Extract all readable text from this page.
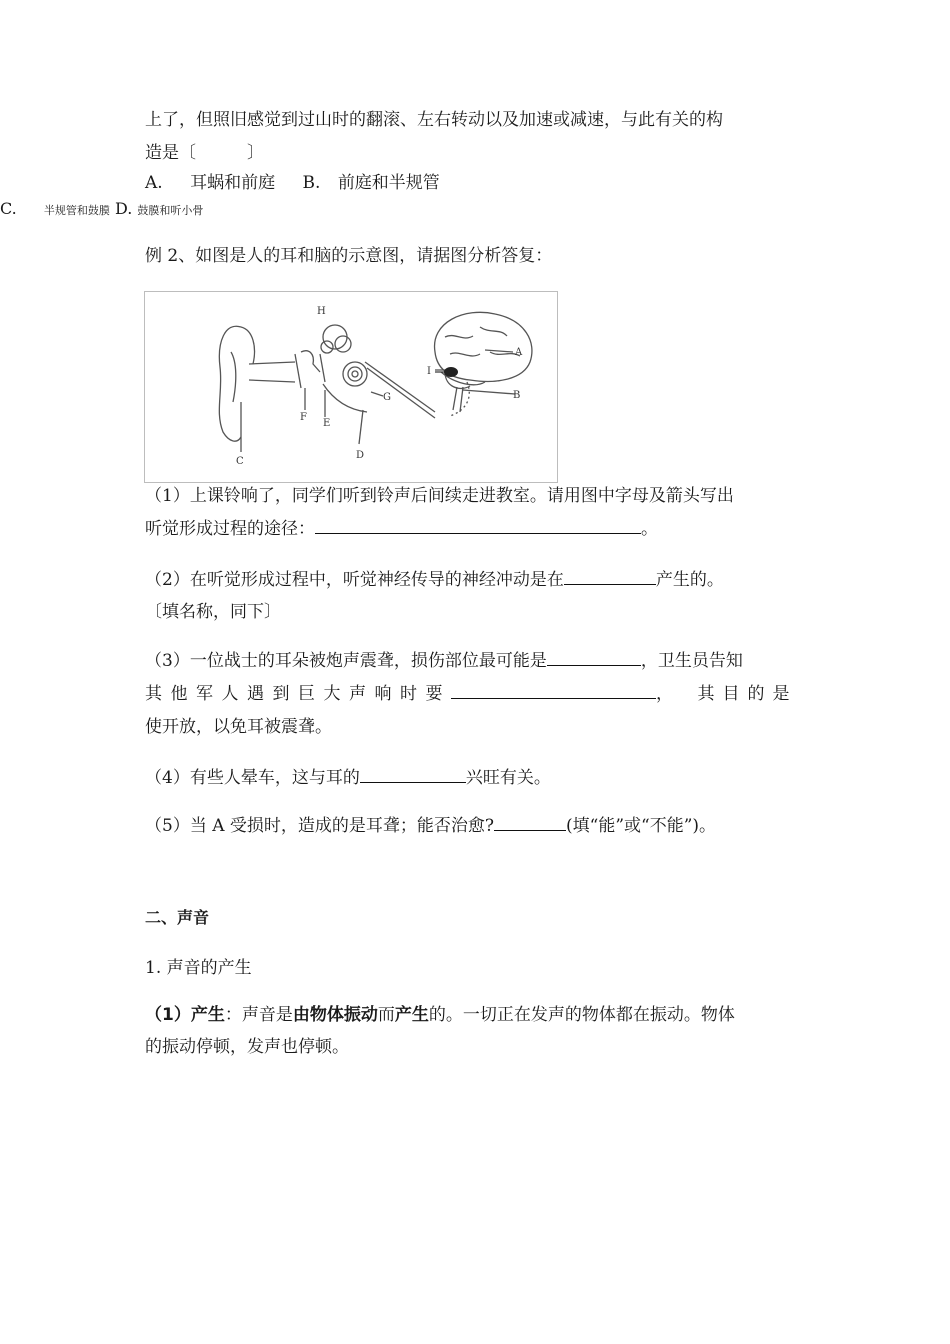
上了，但照旧感觉到过山时的翻滚、左右转动以及加速或减速，与此有关的构
造是〔　　　〕
A. 耳蜗和前庭 B. 前庭和半规管
C. 半规管和鼓膜 D. 鼓膜和听小骨
例 2、如图是人的耳和脑的示意图，请据图分析答复：
H
A
B
C
D
E
F
G
I
（1）上课铃响了，同学们听到铃声后间续走进教室。请用图中字母及箭头写出
听觉形成过程的途径：	。
（2）在听觉形成过程中，听觉神经传导的神经冲动是在	产生的。
〔填名称，同下〕
（3）一位战士的耳朵被炮声震聋，损伤部位最可能是	，卫生员告知
其他军人遇到巨大声响时要	，　其目的是
使开放，以免耳被震聋。
（4）有些人晕车，这与耳的	兴旺有关。
（5）当 A 受损时，造成的是耳聋；能否治愈?	(填“能”或“不能”)。
二、声音
1. 声音的产生
（1）产生：声音是由物体振动而产生的。一切正在发声的物体都在振动。物体
的振动停顿，发声也停顿。
